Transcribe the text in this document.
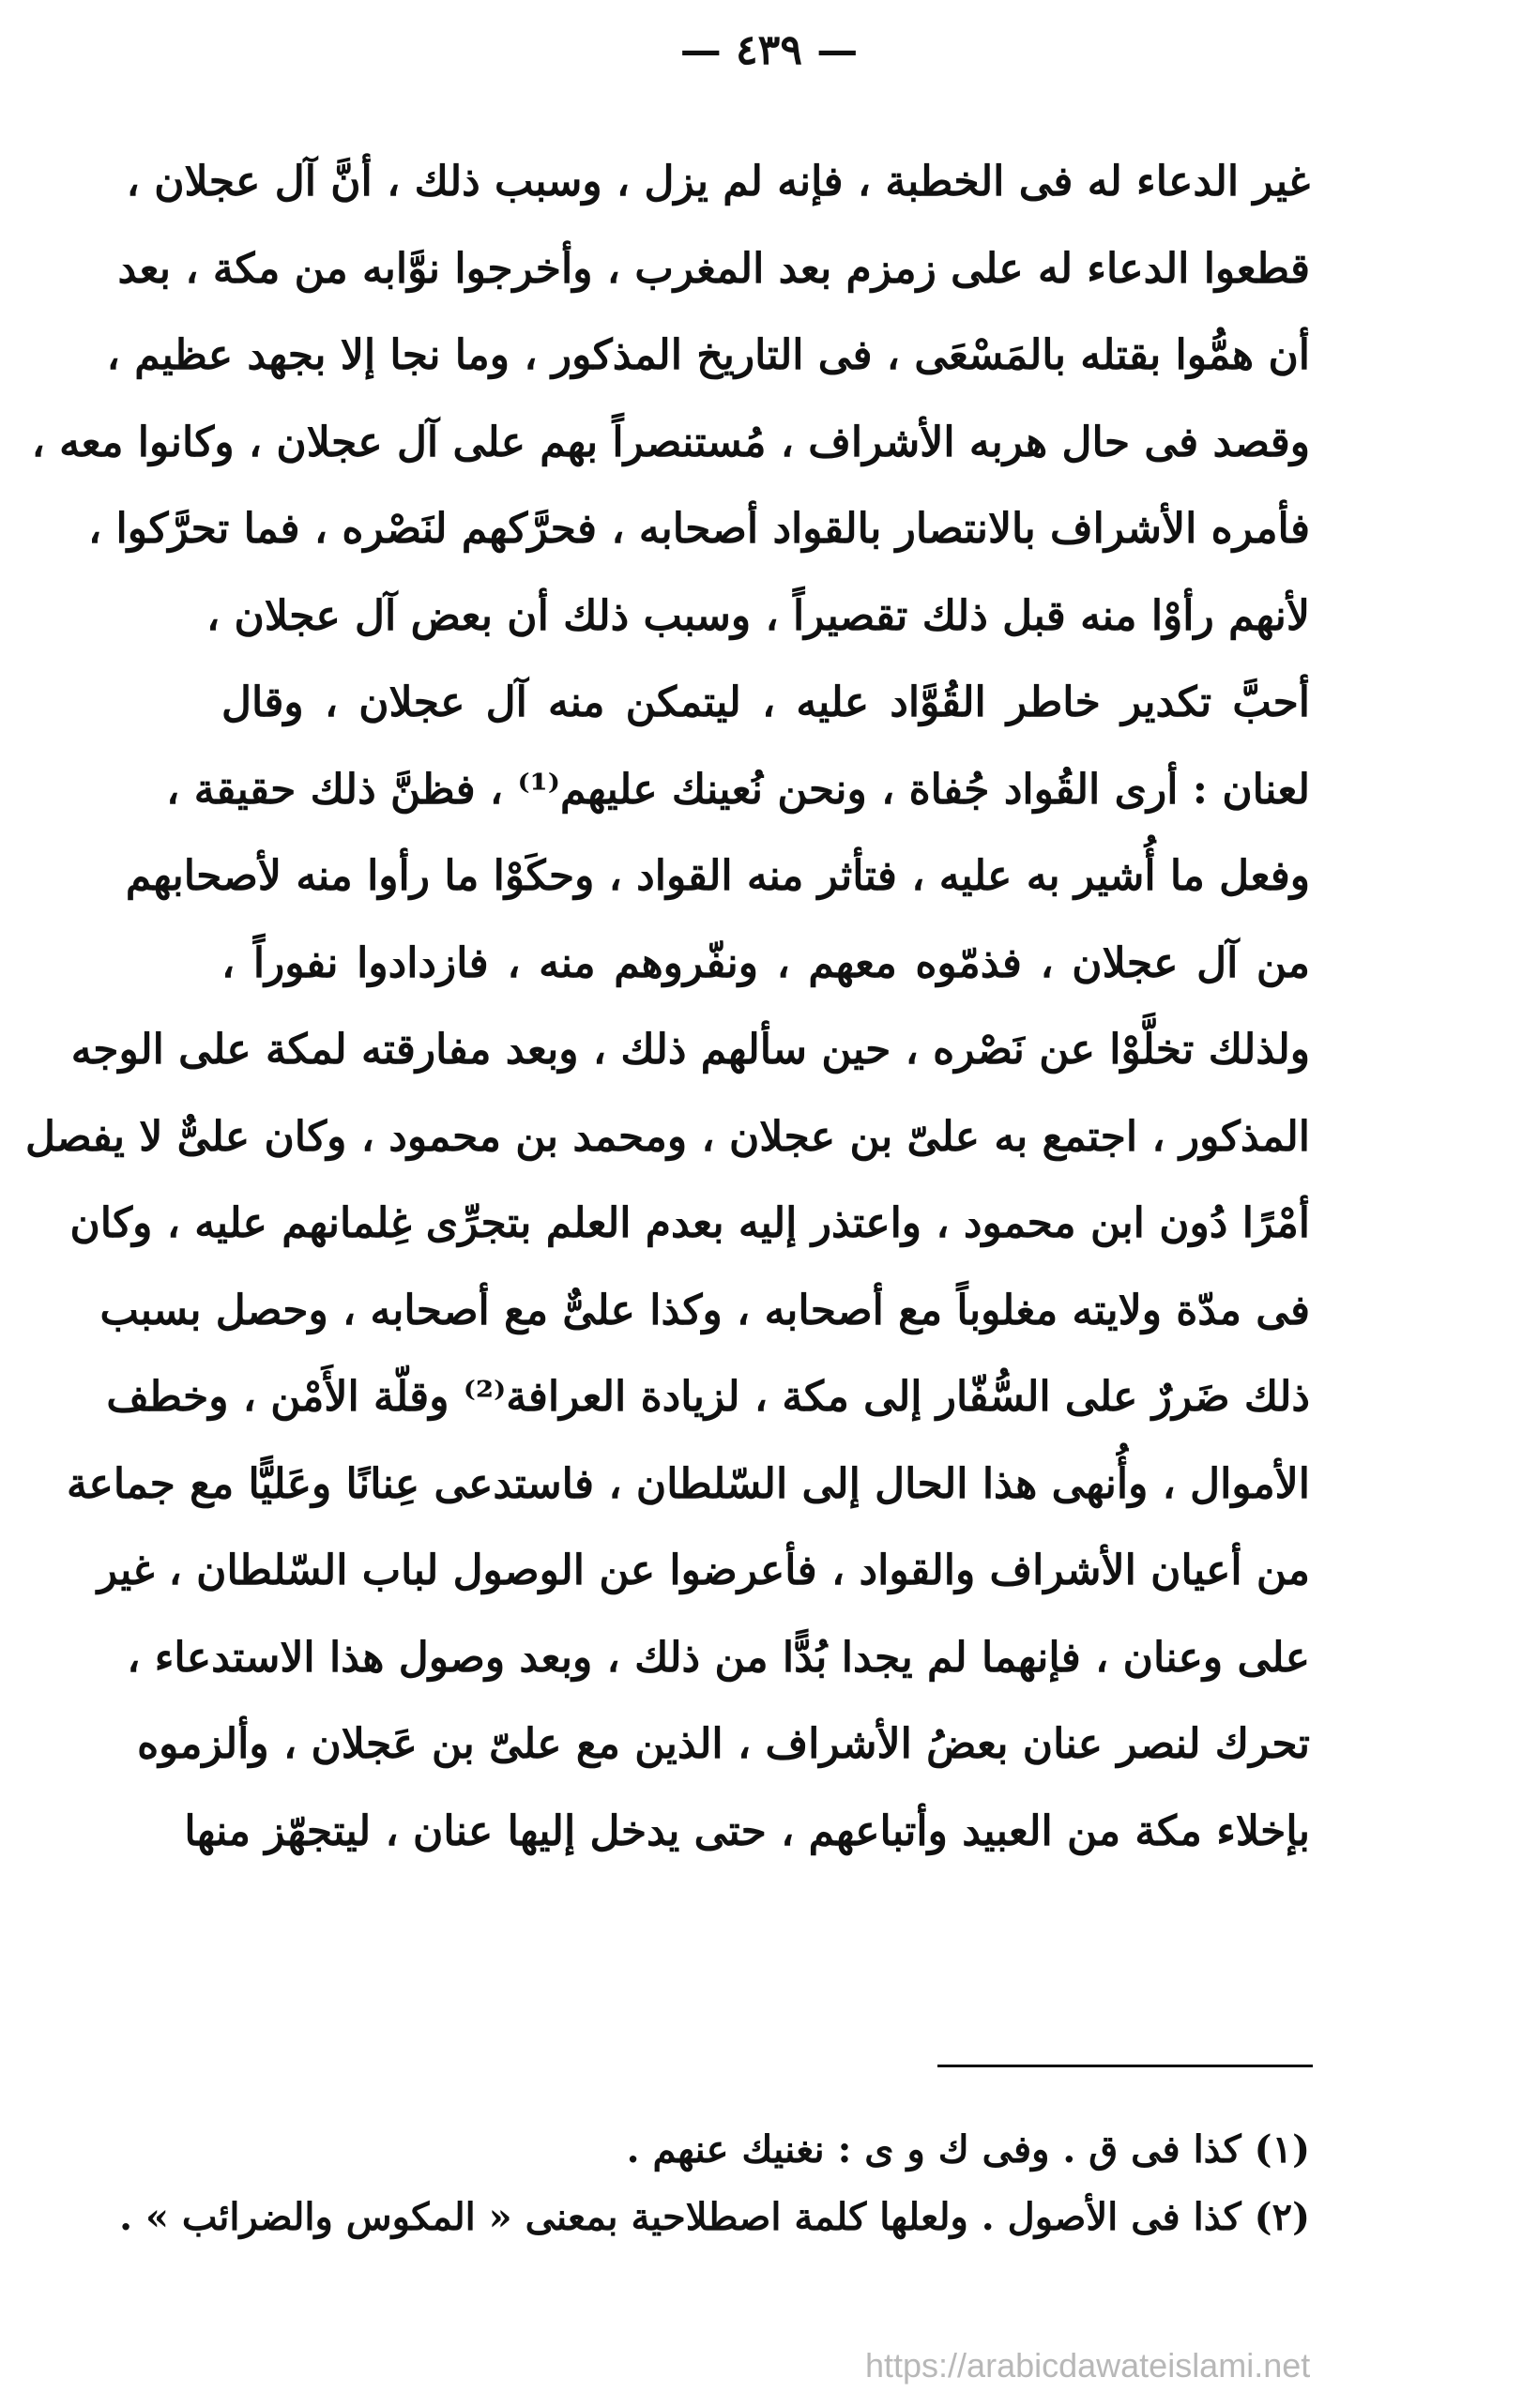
— ٤٣٩ —
غير الدعاء له فى الخطبة ، فإنه لم يزل ، وسبب ذلك ، أنَّ آل عجلان ،
قطعوا الدعاء له على زمزم بعد المغرب ، وأخرجوا نوَّابه من مكة ، بعد
أن همُّوا بقتله بالمَسْعَى ، فى التاريخ المذكور ، وما نجا إلا بجهد عظيم ،
وقصد فى حال هربه الأشراف ، مُستنصراً بهم على آل عجلان ، وكانوا معه ،
فأمره الأشراف بالانتصار بالقواد أصحابه ، فحرَّكهم لنَصْره ، فما تحرَّكوا ،
لأنهم رأوْا منه قبل ذلك تقصيراً ، وسبب ذلك أن بعض آل عجلان ،
أحبَّ تكدير خاطر القُوَّاد عليه ، ليتمكن منه آل عجلان ، وقال
لعنان : أرى القُواد جُفاة ، ونحن نُعينك عليهم⁽¹⁾ ، فظنَّ ذلك حقيقة ،
وفعل ما أُشير به عليه ، فتأثر منه القواد ، وحكَوْا ما رأوا منه لأصحابهم
من آل عجلان ، فذمّوه معهم ، ونفّروهم منه ، فازدادوا نفوراً ،
ولذلك تخلَّوْا عن نَصْره ، حين سألهم ذلك ، وبعد مفارقته لمكة على الوجه
المذكور ، اجتمع به علىّ بن عجلان ، ومحمد بن محمود ، وكان علىٌّ لا يفصل
أمْرًا دُون ابن محمود ، واعتذر إليه بعدم العلم بتجرِّى غِلمانهم عليه ، وكان
فى مدّة ولايته مغلوباً مع أصحابه ، وكذا علىٌّ مع أصحابه ، وحصل بسبب
ذلك ضَررٌ على السُّفّار إلى مكة ، لزيادة العرافة⁽²⁾ وقلّة الأَمْن ، وخطف
الأموال ، وأُنهى هذا الحال إلى السّلطان ، فاستدعى عِنانًا وعَليًّا مع جماعة
من أعيان الأشراف والقواد ، فأعرضوا عن الوصول لباب السّلطان ، غير
على وعنان ، فإنهما لم يجدا بُدًّا من ذلك ، وبعد وصول هذا الاستدعاء ،
تحرك لنصر عنان بعضُ الأشراف ، الذين مع علىّ بن عَجلان ، وألزموه
بإخلاء مكة من العبيد وأتباعهم ، حتى يدخل إليها عنان ، ليتجهّز منها
(١) كذا فى ق . وفى ك و ى : نغنيك عنهم .
(٢) كذا فى الأصول . ولعلها كلمة اصطلاحية بمعنى « المكوس والضرائب » .
https://arabicdawateislami.net
